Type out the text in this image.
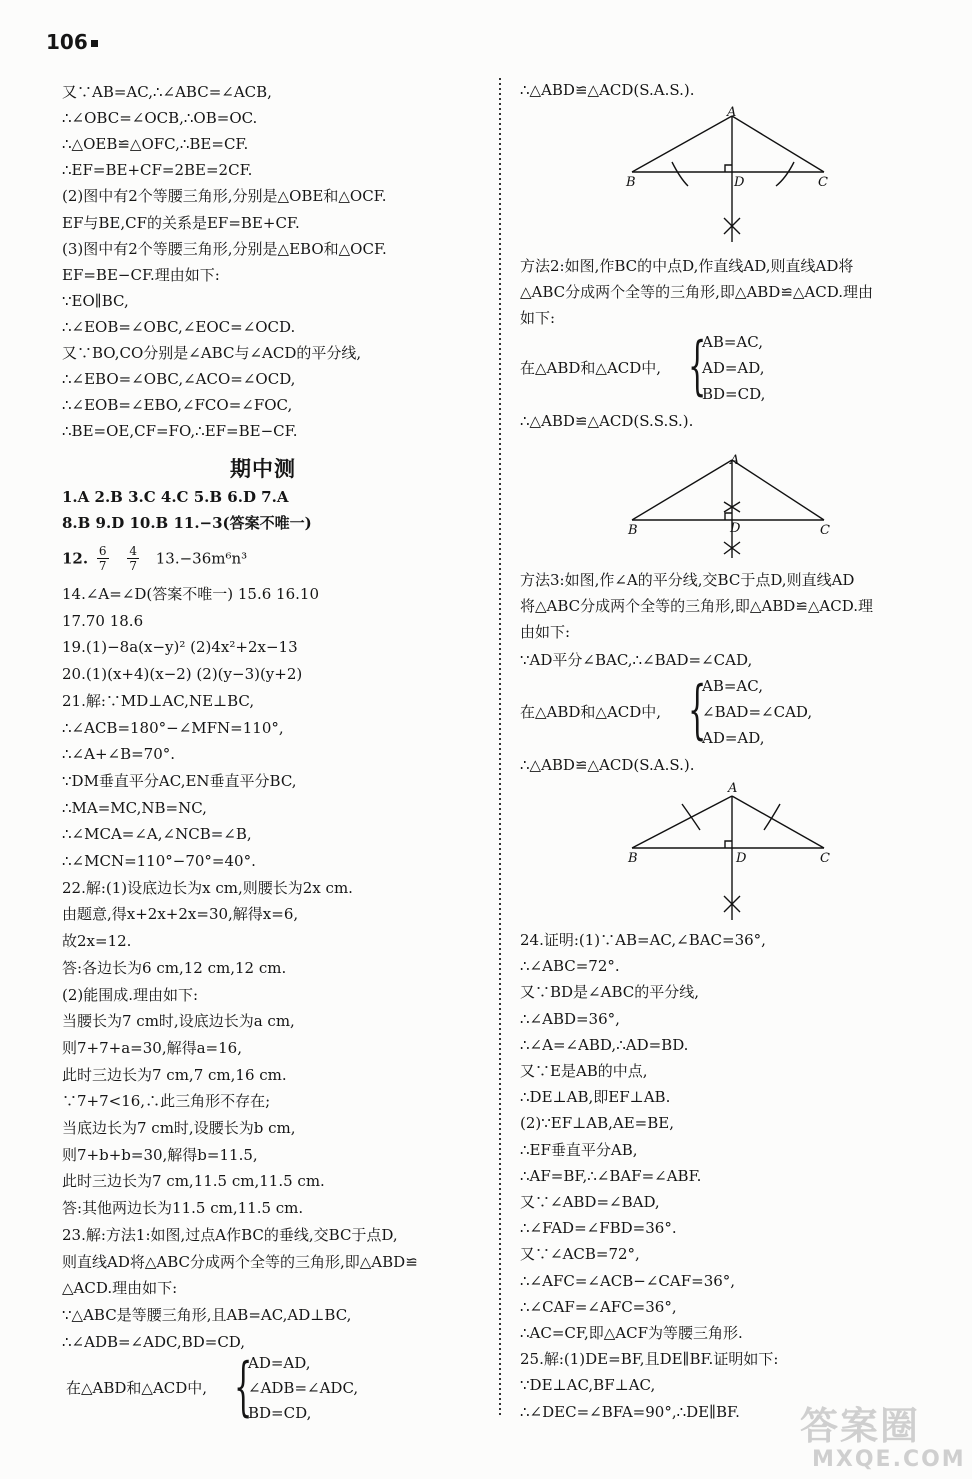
106
又∵AB=AC,∴∠ABC=∠ACB,
∴∠OBC=∠OCB,∴OB=OC.
∴△OEB≌△OFC,∴BE=CF.
∴EF=BE+CF=2BE=2CF.
(2)图中有2个等腰三角形,分别是△OBE和△OCF.
EF与BE,CF的关系是EF=BE+CF.
(3)图中有2个等腰三角形,分别是△EBO和△OCF.
EF=BE−CF.理由如下:
∵EO∥BC,
∴∠EOB=∠OBC,∠EOC=∠OCD.
又∵BO,CO分别是∠ABC与∠ACD的平分线,
∴∠EBO=∠OBC,∠ACO=∠OCD,
∴∠EOB=∠EBO,∠FCO=∠FOC,
∴BE=OE,CF=FO,∴EF=BE−CF.
期中测
1.A 2.B 3.C 4.C 5.B 6.D 7.A
8.B 9.D 10.B 11.−3(答案不唯一)
12. $\frac{6}{7}$
$\frac{4}{7} 13.-36m^6n^3$
14.∠A=∠D(答案不唯一) 15.6 16.10
17.70 18.6
19.(1)−8a(x−y)² (2)4x²+2x−13
20.(1)(x+4)(x−2) (2)(y−3)(y+2)
21.解:∵MD⊥AC,NE⊥BC,
∴∠ACB=180°−∠MFN=110°,
∴∠A+∠B=70°.
∵DM垂直平分AC,EN垂直平分BC,
∴MA=MC,NB=NC,
∴∠MCA=∠A,∠NCB=∠B,
∴∠MCN=110°−70°=40°.
22.解:(1)设底边长为x cm,则腰长为2x cm.
由题意,得x+2x+2x=30,解得x=6,
故2x=12.
答:各边长为6 cm,12 cm,12 cm.
(2)能围成.理由如下:
当腰长为7 cm时,设底边长为a cm,
则7+7+a=30,解得a=16,
此时三边长为7 cm,7 cm,16 cm.
∵7+7<16,∴此三角形不存在;
当底边长为7 cm时,设腰长为b cm,
则7+b+b=30,解得b=11.5,
此时三边长为7 cm,11.5 cm,11.5 cm.
答:其他两边长为11.5 cm,11.5 cm.
23.解:方法1:如图,过点A作BC的垂线,交BC于点D,
则直线AD将△ABC分成两个全等的三角形,即△ABD≌
△ACD.理由如下:
∵△ABC是等腰三角形,且AB=AC,AD⊥BC,
∴∠ADB=∠ADC,BD=CD,
在△ABD和△ACD中, {
AD=AD,
∠ADB=∠ADC,
BD=CD,
∴△ABD≌△ACD(S.A.S.).
A
B	D	C
方法2:如图,作BC的中点D,作直线AD,则直线AD将
△ABC分成两个全等的三角形,即△ABD≌△ACD.理由
如下:
在△ABD和△ACD中, {
AB=AC,
AD=AD,
BD=CD,
∴△ABD≌△ACD(S.S.S.).
A
B	D	C
方法3:如图,作∠A的平分线,交BC于点D,则直线AD
将△ABC分成两个全等的三角形,即△ABD≌△ACD.理
由如下:
∵AD平分∠BAC,∴∠BAD=∠CAD,
在△ABD和△ACD中, {
AB=AC,
∠BAD=∠CAD,
AD=AD,
∴△ABD≌△ACD(S.A.S.).
A
B	D	C
24.证明:(1)∵AB=AC,∠BAC=36°,
∴∠ABC=72°.
又∵BD是∠ABC的平分线,
∴∠ABD=36°,
∴∠A=∠ABD,∴AD=BD.
又∵E是AB的中点,
∴DE⊥AB,即EF⊥AB.
(2)∵EF⊥AB,AE=BE,
∴EF垂直平分AB,
∴AF=BF,∴∠BAF=∠ABF.
又∵∠ABD=∠BAD,
∴∠FAD=∠FBD=36°.
又∵∠ACB=72°,
∴∠AFC=∠ACB−∠CAF=36°,
∴∠CAF=∠AFC=36°,
∴AC=CF,即△ACF为等腰三角形.
25.解:(1)DE=BF,且DE∥BF.证明如下:
∵DE⊥AC,BF⊥AC,
∴∠DEC=∠BFA=90°,∴DE∥BF. 答案圈
MXQE.COM
